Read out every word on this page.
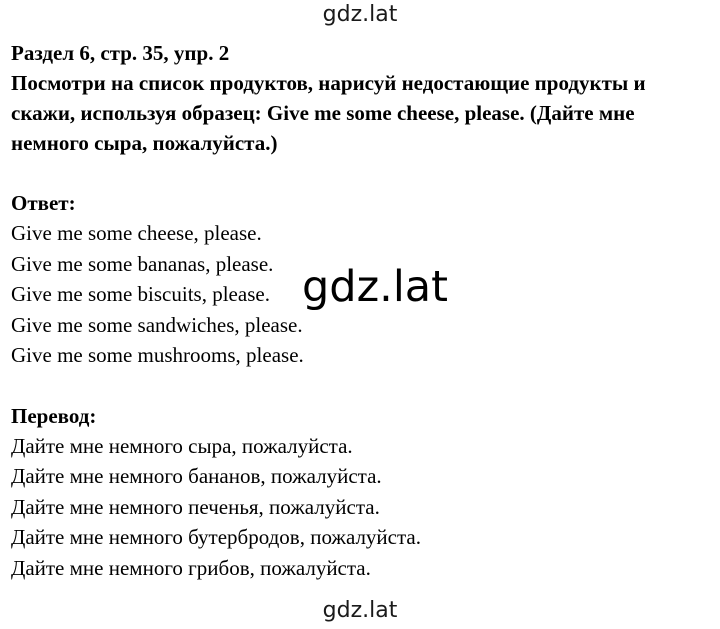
gdz.lat

Раздел 6, стр. 35, упр. 2

Посмотри на список продуктов, нарисуй недостающие продукты и скажи, используя образец: Give me some cheese, please. (Дайте мне немного сыра, пожалуйста.)

Ответ:

Give me some cheese, please.

Give me some bananas, please.

Give me some biscuits, please.

Give me some sandwiches, please.

Give me some mushrooms, please.

Перевод:

Дайте мне немного сыра, пожалуйста.

Дайте мне немного бананов, пожалуйста.

Дайте мне немного печенья, пожалуйста.

Дайте мне немного бутербродов, пожалуйста.

Дайте мне немного грибов, пожалуйста.

gdz.lat
gdz.lat
